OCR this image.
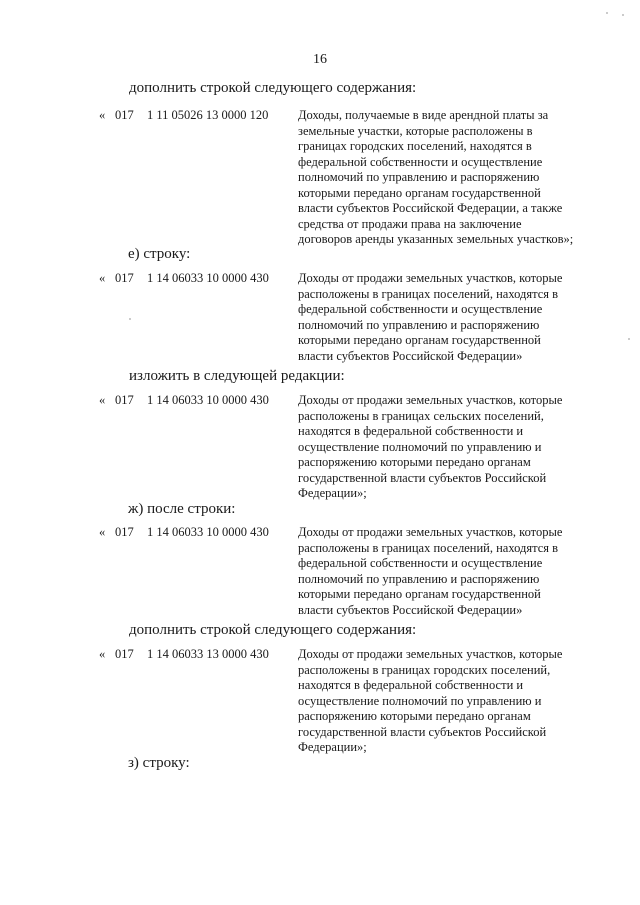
16
дополнить строкой следующего содержания:
« 017 1 11 05026 13 0000 120 Доходы, получаемые в виде арендной платы за
земельные участки, которые расположены в
границах городских поселений, находятся в
федеральной собственности и осуществление
полномочий по управлению и распоряжению
которыми передано органам государственной
власти субъектов Российской Федерации, а также
средства от продажи права на заключение
договоров аренды указанных земельных участков»;
е) строку:
« 017 1 14 06033 10 0000 430 Доходы от продажи земельных участков, которые
расположены в границах поселений, находятся в
федеральной собственности и осуществление
полномочий по управлению и распоряжению
которыми передано органам государственной
власти субъектов Российской Федерации»
изложить в следующей редакции:
« 017 1 14 06033 10 0000 430 Доходы от продажи земельных участков, которые
расположены в границах сельских поселений,
находятся в федеральной собственности и
осуществление полномочий по управлению и
распоряжению которыми передано органам
государственной власти субъектов Российской
Федерации»;
ж) после строки:
« 017 1 14 06033 10 0000 430 Доходы от продажи земельных участков, которые
расположены в границах поселений, находятся в
федеральной собственности и осуществление
полномочий по управлению и распоряжению
которыми передано органам государственной
власти субъектов Российской Федерации»
дополнить строкой следующего содержания:
« 017 1 14 06033 13 0000 430 Доходы от продажи земельных участков, которые
расположены в границах городских поселений,
находятся в федеральной собственности и
осуществление полномочий по управлению и
распоряжению которыми передано органам
государственной власти субъектов Российской
Федерации»;
з) строку:
